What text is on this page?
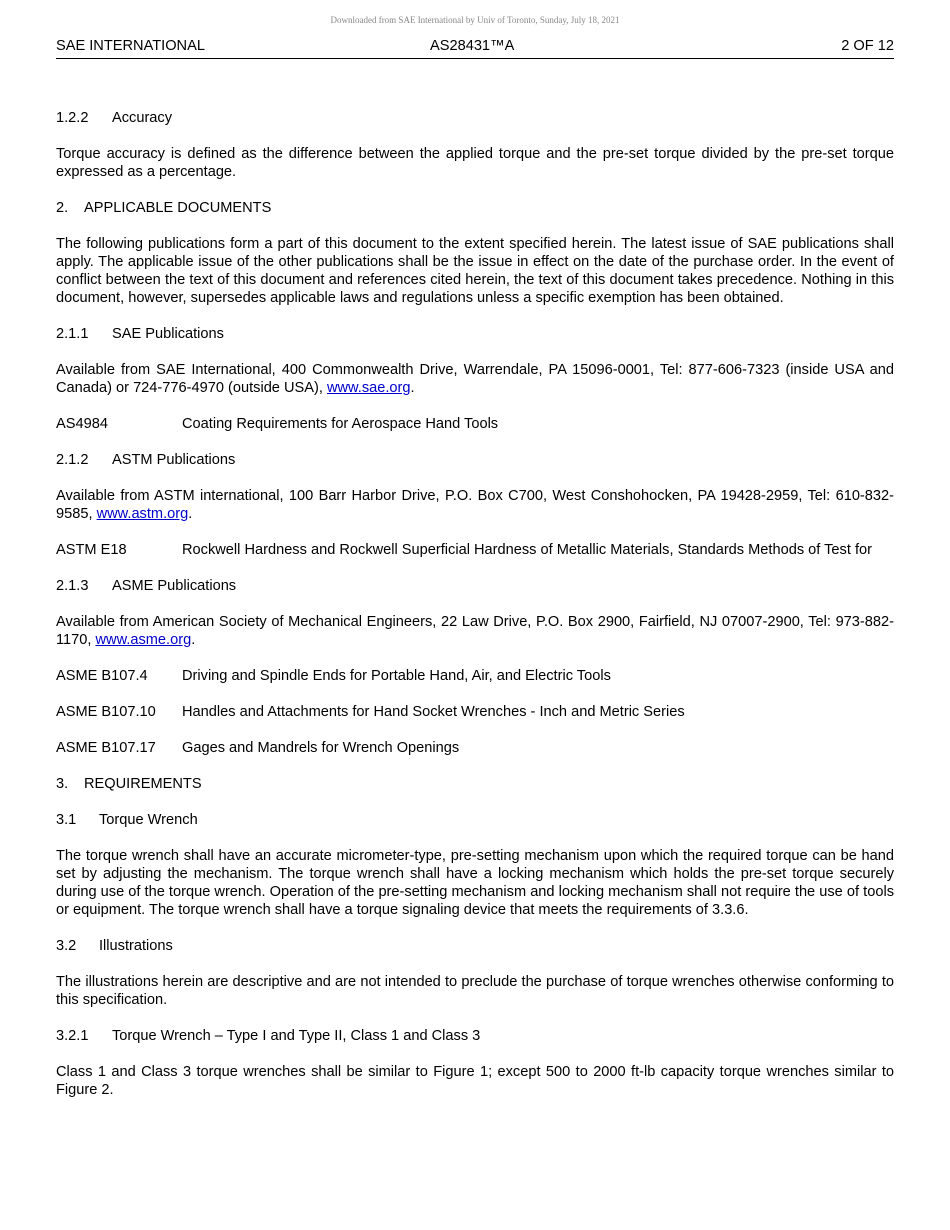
Downloaded from SAE International by Univ of Toronto, Sunday, July 18, 2021
SAE INTERNATIONAL	AS28431™A	2 OF 12
1.2.2 Accuracy
Torque accuracy is defined as the difference between the applied torque and the pre-set torque divided by the pre-set torque expressed as a percentage.
2. APPLICABLE DOCUMENTS
The following publications form a part of this document to the extent specified herein. The latest issue of SAE publications shall apply. The applicable issue of the other publications shall be the issue in effect on the date of the purchase order. In the event of conflict between the text of this document and references cited herein, the text of this document takes precedence. Nothing in this document, however, supersedes applicable laws and regulations unless a specific exemption has been obtained.
2.1.1 SAE Publications
Available from SAE International, 400 Commonwealth Drive, Warrendale, PA 15096-0001, Tel: 877-606-7323 (inside USA and Canada) or 724-776-4970 (outside USA), www.sae.org.
AS4984	Coating Requirements for Aerospace Hand Tools
2.1.2 ASTM Publications
Available from ASTM international, 100 Barr Harbor Drive, P.O. Box C700, West Conshohocken, PA 19428-2959, Tel: 610-832-9585, www.astm.org.
ASTM E18	Rockwell Hardness and Rockwell Superficial Hardness of Metallic Materials, Standards Methods of Test for
2.1.3 ASME Publications
Available from American Society of Mechanical Engineers, 22 Law Drive, P.O. Box 2900, Fairfield, NJ 07007-2900, Tel: 973-882-1170, www.asme.org.
ASME B107.4	Driving and Spindle Ends for Portable Hand, Air, and Electric Tools
ASME B107.10	Handles and Attachments for Hand Socket Wrenches - Inch and Metric Series
ASME B107.17	Gages and Mandrels for Wrench Openings
3. REQUIREMENTS
3.1 Torque Wrench
The torque wrench shall have an accurate micrometer-type, pre-setting mechanism upon which the required torque can be hand set by adjusting the mechanism. The torque wrench shall have a locking mechanism which holds the pre-set torque securely during use of the torque wrench. Operation of the pre-setting mechanism and locking mechanism shall not require the use of tools or equipment. The torque wrench shall have a torque signaling device that meets the requirements of 3.3.6.
3.2 Illustrations
The illustrations herein are descriptive and are not intended to preclude the purchase of torque wrenches otherwise conforming to this specification.
3.2.1 Torque Wrench – Type I and Type II, Class 1 and Class 3
Class 1 and Class 3 torque wrenches shall be similar to Figure 1; except 500 to 2000 ft-lb capacity torque wrenches similar to Figure 2.
